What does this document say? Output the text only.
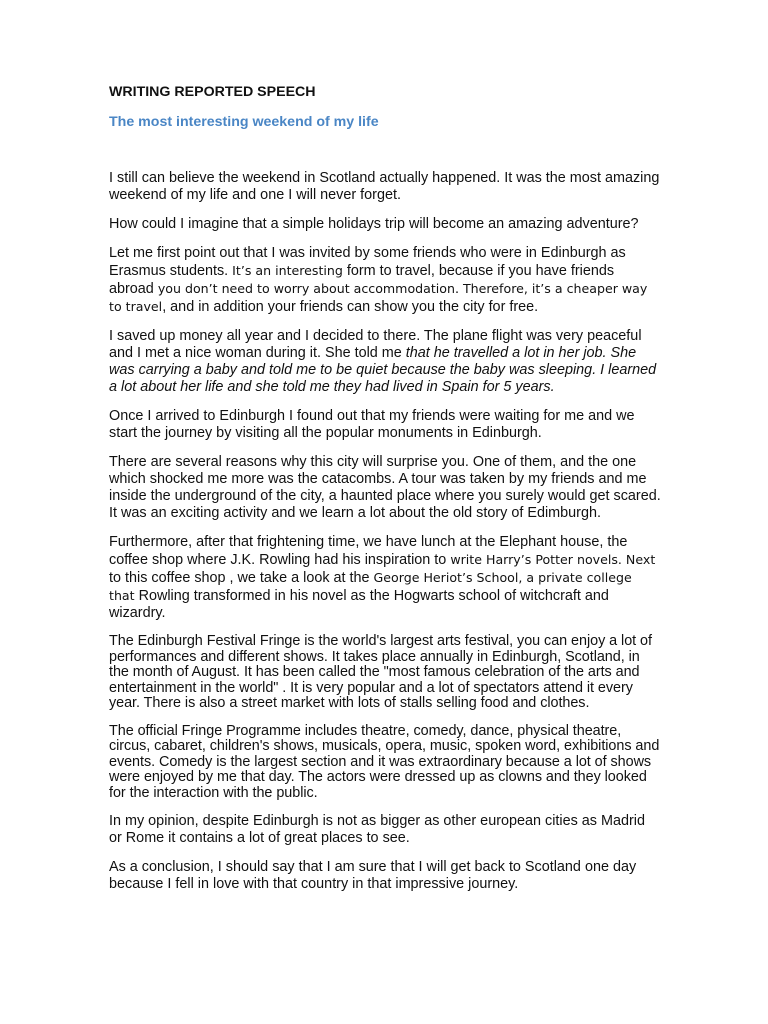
WRITING REPORTED SPEECH
The most interesting weekend of my life

I still can believe the weekend in Scotland actually happened. It was the most amazing weekend of my life and one I will never forget.

How could I imagine that a simple holidays trip will become an amazing adventure?

Let me first point out that I was invited by some friends who were in Edinburgh as Erasmus students. It’s an interesting form to travel, because if you have friends abroad you don’t need to worry about accommodation. Therefore, it’s a cheaper way to travel, and in addition your friends can show you the city for free.

I saved up money all year and I decided to there. The plane flight was very peaceful and I met a nice woman during it. She told me that he travelled a lot in her job. She was carrying a baby and told me to be quiet because the baby was sleeping. I learned a lot about her life and she told me they had lived in Spain for 5 years.

Once I arrived to Edinburgh I found out that my friends were waiting for me and we start the journey by visiting all the popular monuments in Edinburgh.

There are several reasons why this city will surprise you. One of them, and the one which shocked me more was the catacombs. A tour was taken by my friends and me inside the underground of the city, a haunted place where you surely would get scared. It was an exciting activity and we learn a lot about the old story of Edimburgh.

Furthermore, after that frightening time, we have lunch at the Elephant house, the coffee shop where J.K. Rowling had his inspiration to write Harry’s Potter novels. Next to this coffee shop , we take a look at the George Heriot’s School, a private college that Rowling transformed in his novel as the Hogwarts school of witchcraft and wizardry.

The Edinburgh Festival Fringe is the world's largest arts festival, you can enjoy a lot of performances and different shows. It takes place annually in Edinburgh, Scotland, in the month of August. It has been called the "most famous celebration of the arts and entertainment in the world" . It is very popular and a lot of spectators attend it every year. There is also a street market with lots of stalls selling food and clothes.

The official Fringe Programme includes theatre, comedy, dance, physical theatre, circus, cabaret, children's shows, musicals, opera, music, spoken word, exhibitions and events. Comedy is the largest section and it was extraordinary because a lot of shows were enjoyed by me that day. The actors were dressed up as clowns and they looked for the interaction with the public.

In my opinion, despite Edinburgh is not as bigger as other european cities as Madrid or Rome it contains a lot of great places to see.

As a conclusion, I should say that I am sure that I will get back to Scotland one day because I fell in love with that country in that impressive journey.
